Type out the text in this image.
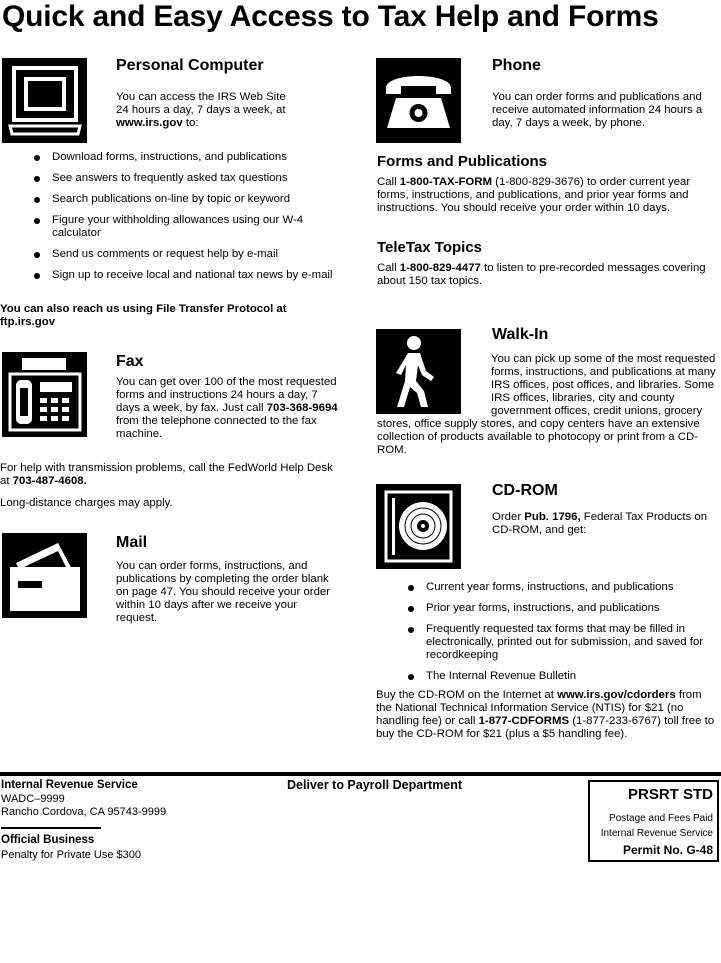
Quick and Easy Access to Tax Help and Forms
Personal Computer
You can access the IRS Web Site
24 hours a day, 7 days a week, at
www.irs.gov to:
Download forms, instructions, and publications
See answers to frequently asked tax questions
Search publications on-line by topic or keyword
Figure your withholding allowances using our W-4 calculator
Send us comments or request help by e-mail
Sign up to receive local and national tax news by e-mail
You can also reach us using File Transfer Protocol at ftp.irs.gov
Fax
You can get over 100 of the most requested forms and instructions 24 hours a day, 7 days a week, by fax. Just call 703-368-9694 from the telephone connected to the fax machine.
For help with transmission problems, call the FedWorld Help Desk at 703-487-4608.
Long-distance charges may apply.
Mail
You can order forms, instructions, and publications by completing the order blank on page 47. You should receive your order within 10 days after we receive your request.
Phone
You can order forms and publications and receive automated information 24 hours a day, 7 days a week, by phone.
Forms and Publications
Call 1-800-TAX-FORM (1-800-829-3676) to order current year forms, instructions, and publications, and prior year forms and instructions. You should receive your order within 10 days.
TeleTax Topics
Call 1-800-829-4477 to listen to pre-recorded messages covering about 150 tax topics.
Walk-In
You can pick up some of the most requested forms, instructions, and publications at many IRS offices, post offices, and libraries. Some IRS offices, libraries, city and county government offices, credit unions, grocery stores, office supply stores, and copy centers have an extensive collection of products available to photocopy or print from a CD-ROM.
CD-ROM
Order Pub. 1796, Federal Tax Products on CD-ROM, and get:
Current year forms, instructions, and publications
Prior year forms, instructions, and publications
Frequently requested tax forms that may be filled in electronically, printed out for submission, and saved for recordkeeping
The Internal Revenue Bulletin
Buy the CD-ROM on the Internet at www.irs.gov/cdorders from the National Technical Information Service (NTIS) for $21 (no handling fee) or call 1-877-CDFORMS (1-877-233-6767) toll free to buy the CD-ROM for $21 (plus a $5 handling fee).
Internal Revenue Service
WADC–9999
Rancho Cordova, CA 95743-9999
Official Business
Penalty for Private Use $300
Deliver to Payroll Department
PRSRT STD
Postage and Fees Paid
Internal Revenue Service
Permit No. G-48
